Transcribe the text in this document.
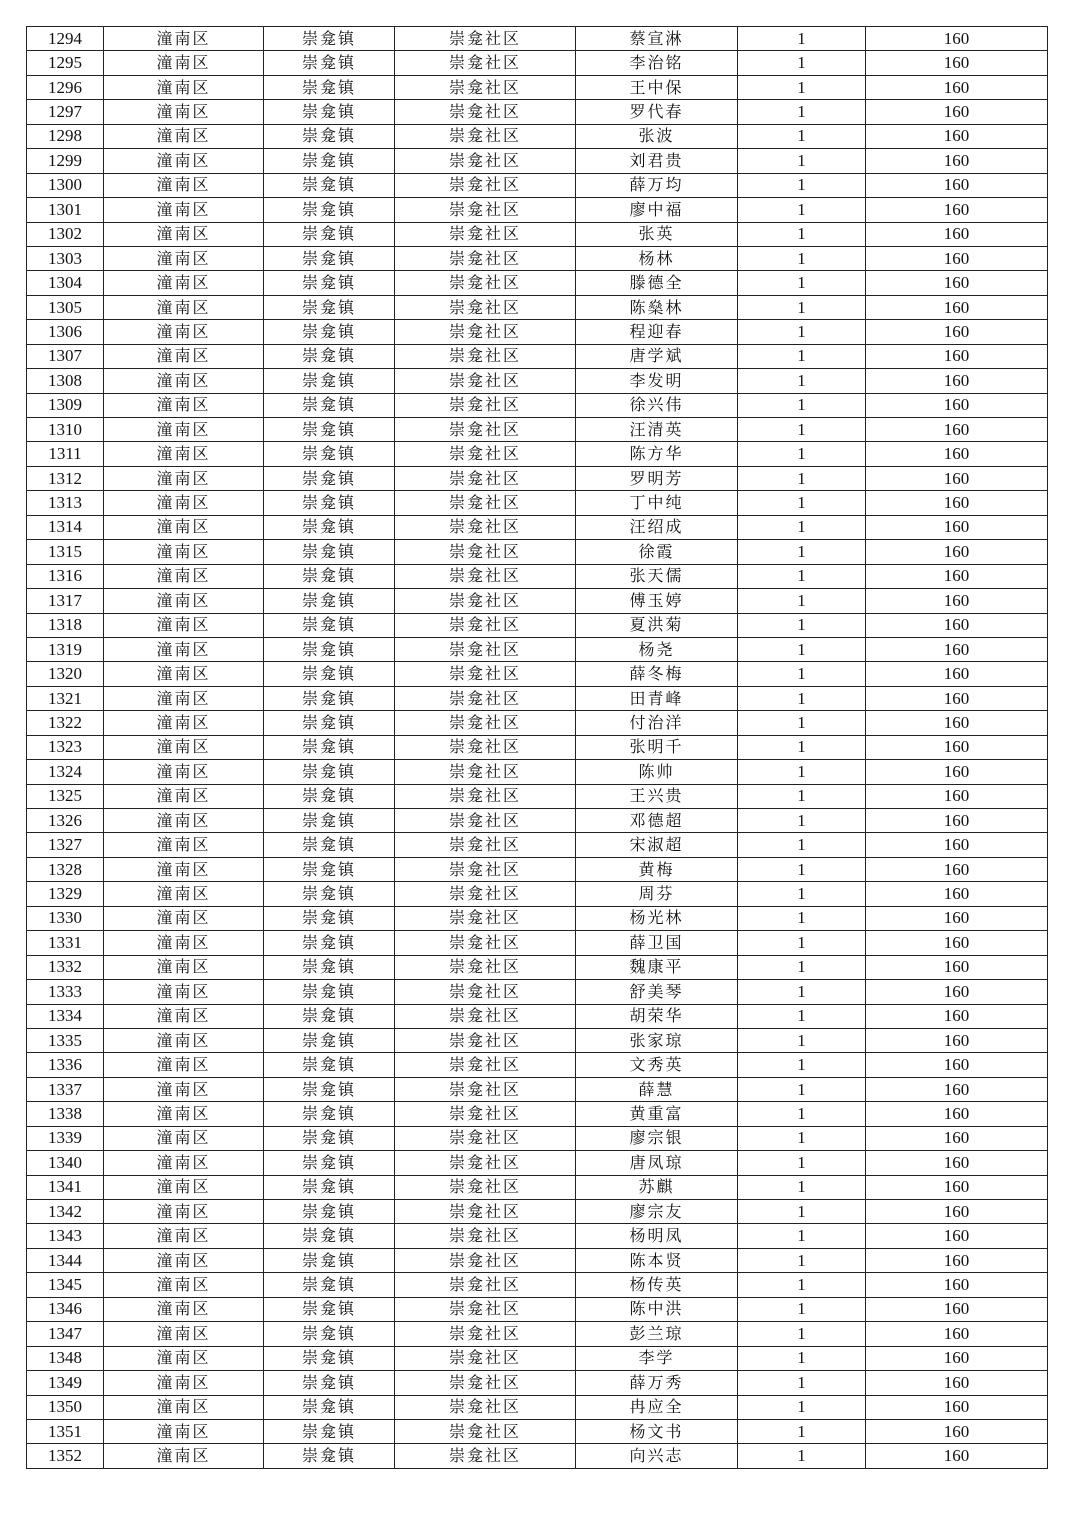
1294	潼南区	崇龛镇	崇龛社区	蔡宣淋	1	160
1295	潼南区	崇龛镇	崇龛社区	李治铭	1	160
1296	潼南区	崇龛镇	崇龛社区	王中保	1	160
1297	潼南区	崇龛镇	崇龛社区	罗代春	1	160
1298	潼南区	崇龛镇	崇龛社区	张波	1	160
1299	潼南区	崇龛镇	崇龛社区	刘君贵	1	160
1300	潼南区	崇龛镇	崇龛社区	薛万均	1	160
1301	潼南区	崇龛镇	崇龛社区	廖中福	1	160
1302	潼南区	崇龛镇	崇龛社区	张英	1	160
1303	潼南区	崇龛镇	崇龛社区	杨林	1	160
1304	潼南区	崇龛镇	崇龛社区	滕德全	1	160
1305	潼南区	崇龛镇	崇龛社区	陈燊林	1	160
1306	潼南区	崇龛镇	崇龛社区	程迎春	1	160
1307	潼南区	崇龛镇	崇龛社区	唐学斌	1	160
1308	潼南区	崇龛镇	崇龛社区	李发明	1	160
1309	潼南区	崇龛镇	崇龛社区	徐兴伟	1	160
1310	潼南区	崇龛镇	崇龛社区	汪清英	1	160
1311	潼南区	崇龛镇	崇龛社区	陈方华	1	160
1312	潼南区	崇龛镇	崇龛社区	罗明芳	1	160
1313	潼南区	崇龛镇	崇龛社区	丁中纯	1	160
1314	潼南区	崇龛镇	崇龛社区	汪绍成	1	160
1315	潼南区	崇龛镇	崇龛社区	徐霞	1	160
1316	潼南区	崇龛镇	崇龛社区	张天儒	1	160
1317	潼南区	崇龛镇	崇龛社区	傅玉婷	1	160
1318	潼南区	崇龛镇	崇龛社区	夏洪菊	1	160
1319	潼南区	崇龛镇	崇龛社区	杨尧	1	160
1320	潼南区	崇龛镇	崇龛社区	薛冬梅	1	160
1321	潼南区	崇龛镇	崇龛社区	田青峰	1	160
1322	潼南区	崇龛镇	崇龛社区	付治洋	1	160
1323	潼南区	崇龛镇	崇龛社区	张明千	1	160
1324	潼南区	崇龛镇	崇龛社区	陈帅	1	160
1325	潼南区	崇龛镇	崇龛社区	王兴贵	1	160
1326	潼南区	崇龛镇	崇龛社区	邓德超	1	160
1327	潼南区	崇龛镇	崇龛社区	宋淑超	1	160
1328	潼南区	崇龛镇	崇龛社区	黄梅	1	160
1329	潼南区	崇龛镇	崇龛社区	周芬	1	160
1330	潼南区	崇龛镇	崇龛社区	杨光林	1	160
1331	潼南区	崇龛镇	崇龛社区	薛卫国	1	160
1332	潼南区	崇龛镇	崇龛社区	魏康平	1	160
1333	潼南区	崇龛镇	崇龛社区	舒美琴	1	160
1334	潼南区	崇龛镇	崇龛社区	胡荣华	1	160
1335	潼南区	崇龛镇	崇龛社区	张家琼	1	160
1336	潼南区	崇龛镇	崇龛社区	文秀英	1	160
1337	潼南区	崇龛镇	崇龛社区	薛慧	1	160
1338	潼南区	崇龛镇	崇龛社区	黄重富	1	160
1339	潼南区	崇龛镇	崇龛社区	廖宗银	1	160
1340	潼南区	崇龛镇	崇龛社区	唐凤琼	1	160
1341	潼南区	崇龛镇	崇龛社区	苏麒	1	160
1342	潼南区	崇龛镇	崇龛社区	廖宗友	1	160
1343	潼南区	崇龛镇	崇龛社区	杨明凤	1	160
1344	潼南区	崇龛镇	崇龛社区	陈本贤	1	160
1345	潼南区	崇龛镇	崇龛社区	杨传英	1	160
1346	潼南区	崇龛镇	崇龛社区	陈中洪	1	160
1347	潼南区	崇龛镇	崇龛社区	彭兰琼	1	160
1348	潼南区	崇龛镇	崇龛社区	李学	1	160
1349	潼南区	崇龛镇	崇龛社区	薛万秀	1	160
1350	潼南区	崇龛镇	崇龛社区	冉应全	1	160
1351	潼南区	崇龛镇	崇龛社区	杨文书	1	160
1352	潼南区	崇龛镇	崇龛社区	向兴志	1	160
